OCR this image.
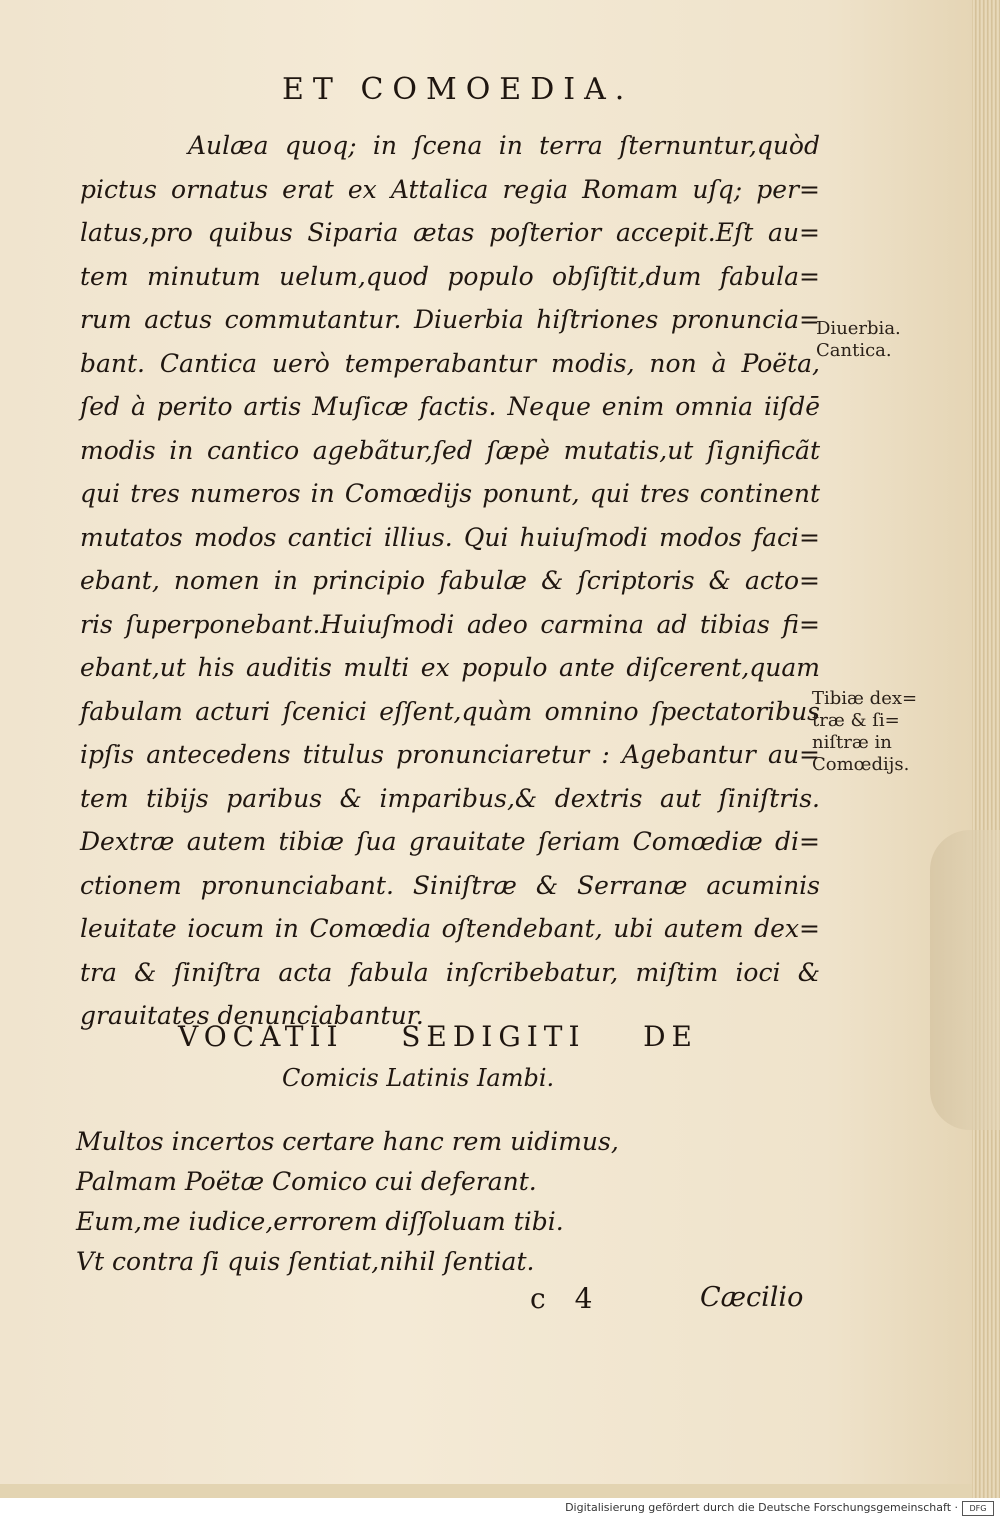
ET COMOEDIA.
Aulæa quoq; in ſcena in terra ſternuntur,quòd
pictus ornatus erat ex Attalica regia Romam uſq; per=
latus,pro quibus Siparia ætas poſterior accepit.Eſt au=
tem minutum uelum,quod populo obſiſtit,dum fabula=
rum actus commutantur. Diuerbia hiſtriones pronuncia=
bant. Cantica uerò temperabantur modis, non à Poëta,
ſed à perito artis Muſicæ factis. Neque enim omnia iiſdē
modis in cantico agebãtur,ſed ſæpè mutatis,ut ſignificãt
qui tres numeros in Comœdijs ponunt, qui tres continent
mutatos modos cantici illius. Qui huiuſmodi modos faci=
ebant, nomen in principio fabulæ & ſcriptoris & acto=
ris ſuperponebant.Huiuſmodi adeo carmina ad tibias fi=
ebant,ut his auditis multi ex populo ante diſcerent,quam
fabulam acturi ſcenici eſſent,quàm omnino ſpectatoribus
ipſis antecedens titulus pronunciaretur : Agebantur au=
tem tibijs paribus & imparibus,& dextris aut ſiniſtris.
Dextræ autem tibiæ ſua grauitate ſeriam Comœdiæ di=
ctionem pronunciabant. Siniſtræ & Serranæ acuminis
leuitate iocum in Comœdia oſtendebant, ubi autem dex=
tra & ſiniſtra acta fabula inſcribebatur, miſtim ioci &
grauitates denunciabantur.
Diuerbia.
Cantica.
Tibiæ dex=
træ & ſi=
niſtræ in
Comœdijs.
VOCATII SEDIGITI DE
Comicis Latinis Iambi.
Multos incertos certare hanc rem uidimus,
Palmam Poëtæ Comico cui deferant.
Eum,me iudice,errorem diſſoluam tibi.
Vt contra ſi quis ſentiat,nihil ſentiat.
c 4	Cæcilio
Digitalisierung gefördert durch die Deutsche Forschungsgemeinschaft ·	DFG
